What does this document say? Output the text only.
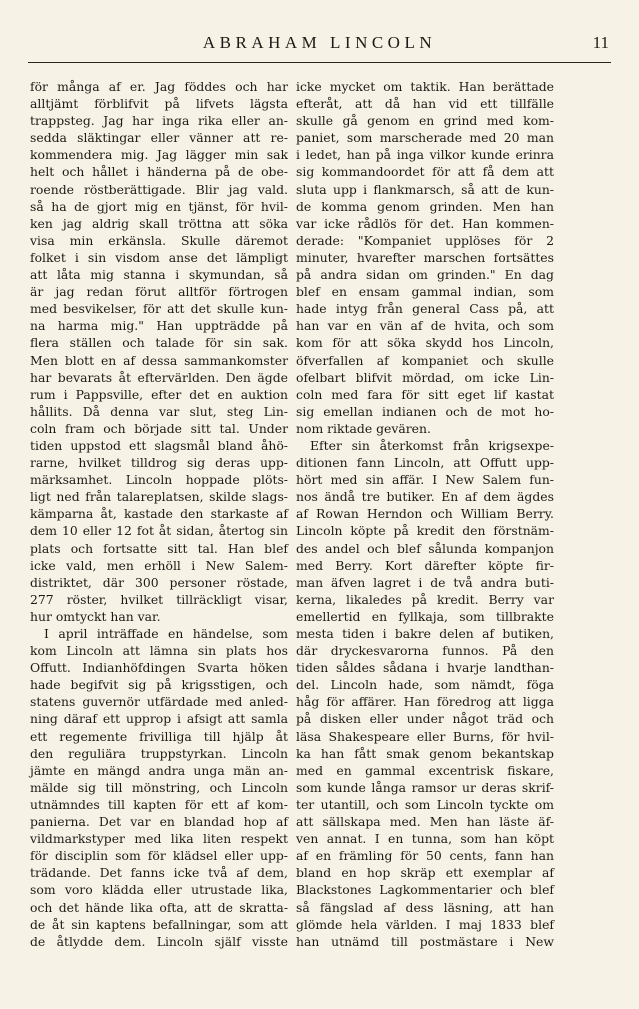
ABRAHAM LINCOLN	11
för många af er. Jag föddes och har
alltjämt förblifvit på lifvets lägsta
trappsteg. Jag har inga rika eller an-
sedda släktingar eller vänner att re-
kommendera mig. Jag lägger min sak
helt och hållet i händerna på de obe-
roende röstberättigade. Blir jag vald.
så ha de gjort mig en tjänst, för hvil-
ken jag aldrig skall tröttna att söka
visa min erkänsla. Skulle däremot
folket i sin visdom anse det lämpligt
att låta mig stanna i skymundan, så
är jag redan förut alltför förtrogen
med besvikelser, för att det skulle kun-
na harma mig." Han uppträdde på
flera ställen och talade för sin sak.
Men blott en af dessa sammankomster
har bevarats åt eftervärlden. Den ägde
rum i Pappsville, efter det en auktion
hållits. Då denna var slut, steg Lin-
coln fram och började sitt tal. Under
tiden uppstod ett slagsmål bland åhö-
rarne, hvilket tilldrog sig deras upp-
märksamhet. Lincoln hoppade plöts-
ligt ned från talareplatsen, skilde slags-
kämparna åt, kastade den starkaste af
dem 10 eller 12 fot åt sidan, återtog sin
plats och fortsatte sitt tal. Han blef
icke vald, men erhöll i New Salem-
distriktet, där 300 personer röstade,
277 röster, hvilket tillräckligt visar,
hur omtyckt han var.
I april inträffade en händelse, som
kom Lincoln att lämna sin plats hos
Offutt. Indianhöfdingen Svarta höken
hade begifvit sig på krigsstigen, och
statens guvernör utfärdade med anled-
ning däraf ett upprop i afsigt att samla
ett regemente frivilliga till hjälp åt
den reguliära truppstyrkan. Lincoln
jämte en mängd andra unga män an-
mälde sig till mönstring, och Lincoln
utnämndes till kapten för ett af kom-
panierna. Det var en blandad hop af
vildmarkstyper med lika liten respekt
för disciplin som för klädsel eller upp-
trädande. Det fanns icke två af dem,
som voro klädda eller utrustade lika,
och det hände lika ofta, att de skratta-
de åt sin kaptens befallningar, som att
de åtlydde dem. Lincoln själf visste
icke mycket om taktik. Han berättade
efteråt, att då han vid ett tillfälle
skulle gå genom en grind med kom-
paniet, som marscherade med 20 man
i ledet, han på inga vilkor kunde erinra
sig kommandoordet för att få dem att
sluta upp i flankmarsch, så att de kun-
de komma genom grinden. Men han
var icke rådlös för det. Han kommen-
derade: "Kompaniet upplöses för 2
minuter, hvarefter marschen fortsättes
på andra sidan om grinden." En dag
blef en ensam gammal indian, som
hade intyg från general Cass på, att
han var en vän af de hvita, och som
kom för att söka skydd hos Lincoln,
öfverfallen af kompaniet och skulle
ofelbart blifvit mördad, om icke Lin-
coln med fara för sitt eget lif kastat
sig emellan indianen och de mot ho-
nom riktade gevären.
Efter sin återkomst från krigsexpe-
ditionen fann Lincoln, att Offutt upp-
hört med sin affär. I New Salem fun-
nos ändå tre butiker. En af dem ägdes
af Rowan Herndon och William Berry.
Lincoln köpte på kredit den förstnäm-
des andel och blef sålunda kompanjon
med Berry. Kort därefter köpte fir-
man äfven lagret i de två andra buti-
kerna, likaledes på kredit. Berry var
emellertid en fyllkaja, som tillbrakte
mesta tiden i bakre delen af butiken,
där dryckesvarorna funnos. På den
tiden såldes sådana i hvarje landthan-
del. Lincoln hade, som nämdt, föga
håg för affärer. Han föredrog att ligga
på disken eller under något träd och
läsa Shakespeare eller Burns, för hvil-
ka han fått smak genom bekantskap
med en gammal excentrisk fiskare,
som kunde långa ramsor ur deras skrif-
ter utantill, och som Lincoln tyckte om
att sällskapa med. Men han läste äf-
ven annat. I en tunna, som han köpt
af en främling för 50 cents, fann han
bland en hop skräp ett exemplar af
Blackstones Lagkommentarier och blef
så fängslad af dess läsning, att han
glömde hela världen. I maj 1833 blef
han utnämd till postmästare i New
